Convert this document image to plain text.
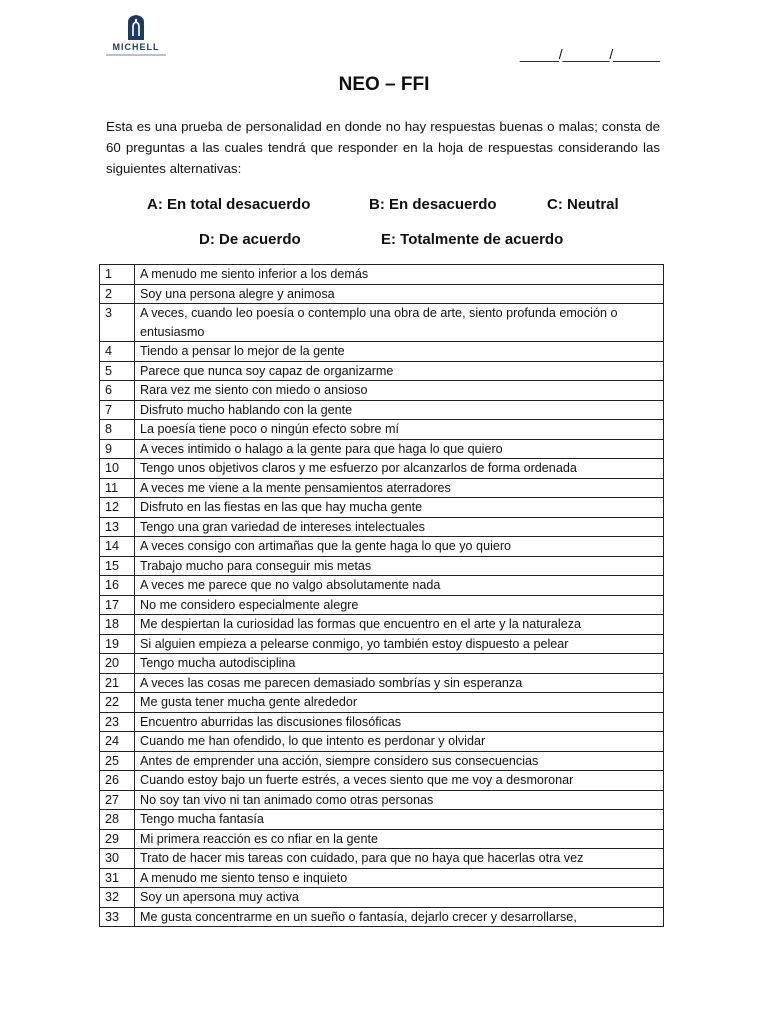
MICHELL	_____/______/______
NEO – FFI
Esta es una prueba de personalidad en donde no hay respuestas buenas o malas; consta de 60 preguntas a las cuales tendrá que responder en la hoja de respuestas considerando las siguientes alternativas:
A: En total desacuerdo	B: En desacuerdo	C: Neutral
D: De acuerdo	E: Totalmente de acuerdo
1	A menudo me siento inferior a los demás
2	Soy una persona alegre y animosa
3	A veces, cuando leo poesía o contemplo una obra de arte, siento profunda emoción o entusiasmo
4	Tiendo a pensar lo mejor de la gente
5	Parece que nunca soy capaz de organizarme
6	Rara vez me siento con miedo o ansioso
7	Disfruto mucho hablando con la gente
8	La poesía tiene poco o ningún efecto sobre mí
9	A veces intimido o halago a la gente para que haga lo que quiero
10	Tengo unos objetivos claros y me esfuerzo por alcanzarlos de forma ordenada
11	A veces me viene a la mente pensamientos aterradores
12	Disfruto en las fiestas en las que hay mucha gente
13	Tengo una gran variedad de intereses intelectuales
14	A veces consigo con artimañas que la gente haga lo que yo quiero
15	Trabajo mucho para conseguir mis metas
16	A veces me parece que no valgo absolutamente nada
17	No me considero especialmente alegre
18	Me despiertan la curiosidad las formas que encuentro en el arte y la naturaleza
19	Si alguien empieza a pelearse conmigo, yo también estoy dispuesto a pelear
20	Tengo mucha autodisciplina
21	A veces las cosas me parecen demasiado sombrías y sin esperanza
22	Me gusta tener mucha gente alrededor
23	Encuentro aburridas las discusiones filosóficas
24	Cuando me han ofendido, lo que intento es perdonar y olvidar
25	Antes de emprender una acción, siempre considero sus consecuencias
26	Cuando estoy bajo un fuerte estrés, a veces siento que me voy a desmoronar
27	No soy tan vivo ni tan animado como otras personas
28	Tengo mucha fantasía
29	Mi primera reacción es co nfiar en la gente
30	Trato de hacer mis tareas con cuidado, para que no haya que hacerlas otra vez
31	A menudo me siento tenso e inquieto
32	Soy un apersona muy activa
33	Me gusta concentrarme en un sueño o fantasía, dejarlo crecer y desarrollarse,
